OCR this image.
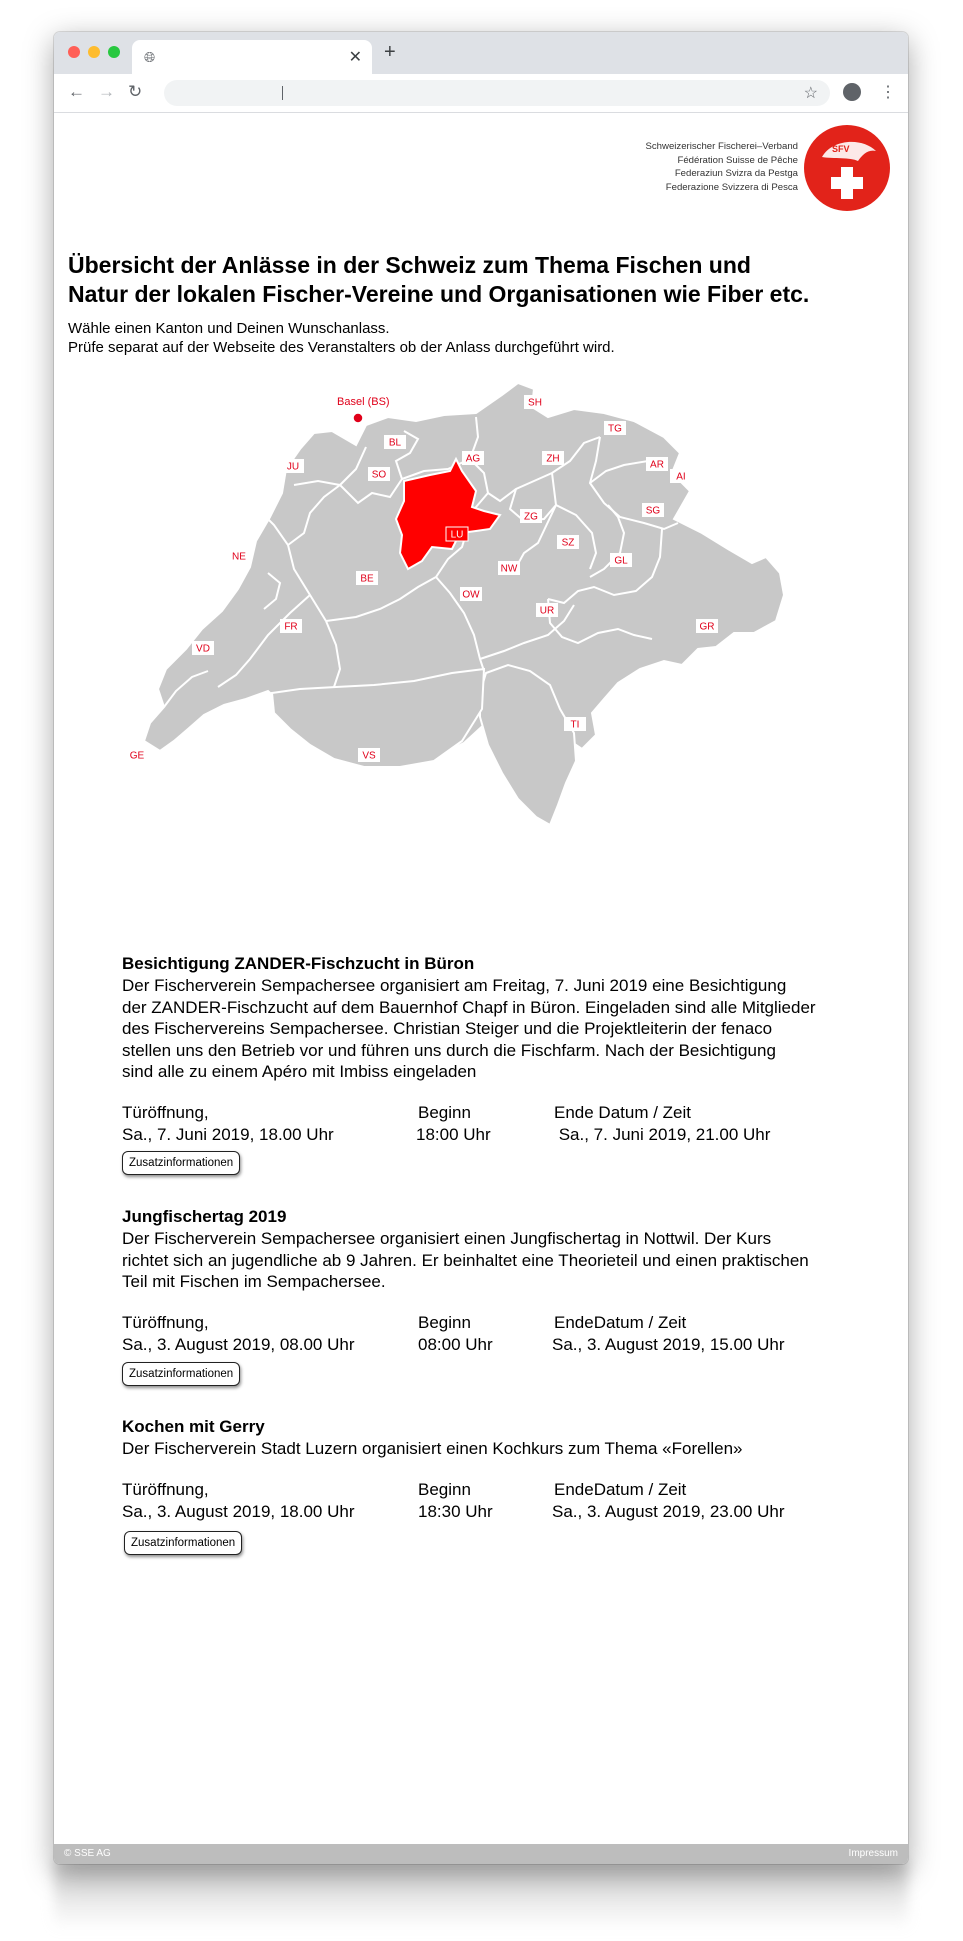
🌐︎	✕ +
← → ↻	☆	⋮
Schweizerischer Fischerei–Verband
Fédération Suisse de Pêche
Federaziun Svizra da Pestga
Federazione Svizzera di Pesca
SFV
Übersicht der Anlässe in der Schweiz zum Thema Fischen und
Natur der lokalen Fischer-Vereine und Organisationen wie Fiber etc.
Wähle einen Kanton und Deinen Wunschanlass.
Prüfe separat auf der Webseite des Veranstalters ob der Anlass durchgeführt wird.
SH
TG
BL
AG	ZH
AR
AI
JU
SO
SG
ZG
LU
SZ
NE
NW
GL
BE
OW
UR
FR	GR
VD
TI
GE	VS
Basel (BS)
Besichtigung ZANDER-Fischzucht in Büron
Der Fischerverein Sempachersee organisiert am Freitag, 7. Juni 2019 eine Besichtigung
der ZANDER-Fischzucht auf dem Bauernhof Chapf in Büron. Eingeladen sind alle Mitglieder
des Fischervereins Sempachersee. Christian Steiger und die Projektleiterin der fenaco
stellen uns den Betrieb vor und führen uns durch die Fischfarm. Nach der Besichtigung
sind alle zu einem Apéro mit Imbiss eingeladen
Türöffnung,	Beginn	Ende Datum / Zeit
Sa., 7. Juni 2019, 18.00 Uhr	18:00 Uhr	Sa., 7. Juni 2019, 21.00 Uhr
Zusatzinformationen
Jungfischertag 2019
Der Fischerverein Sempachersee organisiert einen Jungfischertag in Nottwil. Der Kurs
richtet sich an jugendliche ab 9 Jahren. Er beinhaltet eine Theorieteil und einen praktischen
Teil mit Fischen im Sempachersee.
Türöffnung,	Beginn	EndeDatum / Zeit
Sa., 3. August 2019, 08.00 Uhr	08:00 Uhr	Sa., 3. August 2019, 15.00 Uhr
Zusatzinformationen
Kochen mit Gerry
Der Fischerverein Stadt Luzern organisiert einen Kochkurs zum Thema «Forellen»
Türöffnung,	Beginn	EndeDatum / Zeit
Sa., 3. August 2019, 18.00 Uhr	18:30 Uhr	Sa., 3. August 2019, 23.00 Uhr
Zusatzinformationen
© SSE AG	Impressum
